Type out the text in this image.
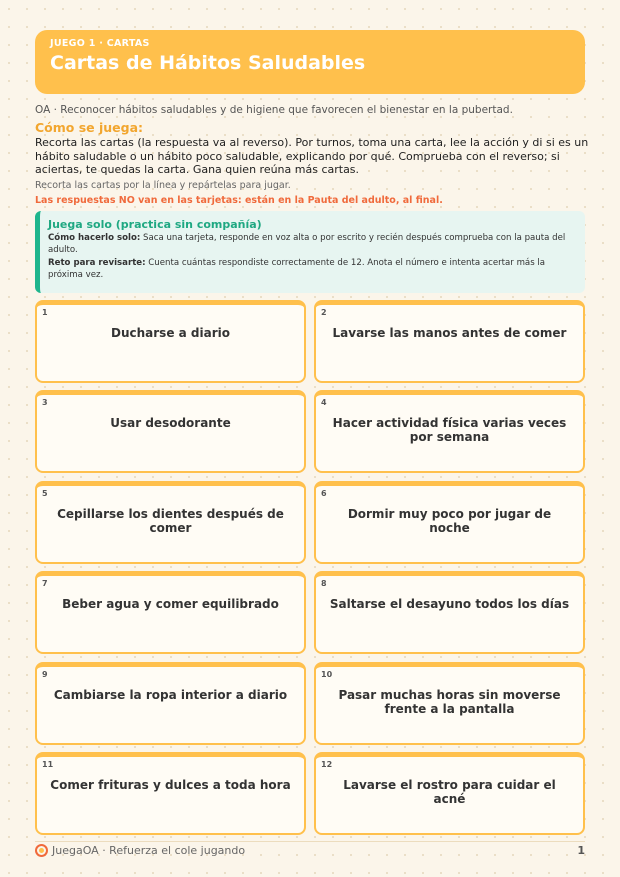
JUEGO 1 · CARTAS
Cartas de Hábitos Saludables
OA · Reconocer hábitos saludables y de higiene que favorecen el bienestar en la pubertad.
Cómo se juega:
Recorta las cartas (la respuesta va al reverso). Por turnos, toma una carta, lee la acción y di si es un hábito saludable o un hábito poco saludable, explicando por qué. Comprueba con el reverso; si aciertas, te quedas la carta. Gana quien reúna más cartas.
Recorta las cartas por la línea y repártelas para jugar.
Las respuestas NO van en las tarjetas: están en la Pauta del adulto, al final.
Juega solo (practica sin compañía)
Cómo hacerlo solo: Saca una tarjeta, responde en voz alta o por escrito y recién después comprueba con la pauta del adulto.
Reto para revisarte: Cuenta cuántas respondiste correctamente de 12. Anota el número e intenta acertar más la próxima vez.
1
Ducharse a diario
2
Lavarse las manos antes de comer
3
Usar desodorante
4
Hacer actividad física varias veces por semana
5
Cepillarse los dientes después de comer
6
Dormir muy poco por jugar de noche
7
Beber agua y comer equilibrado
8
Saltarse el desayuno todos los días
9
Cambiarse la ropa interior a diario
10
Pasar muchas horas sin moverse frente a la pantalla
11
Comer frituras y dulces a toda hora
12
Lavarse el rostro para cuidar el acné
JuegaOA · Refuerza el cole jugando	1
